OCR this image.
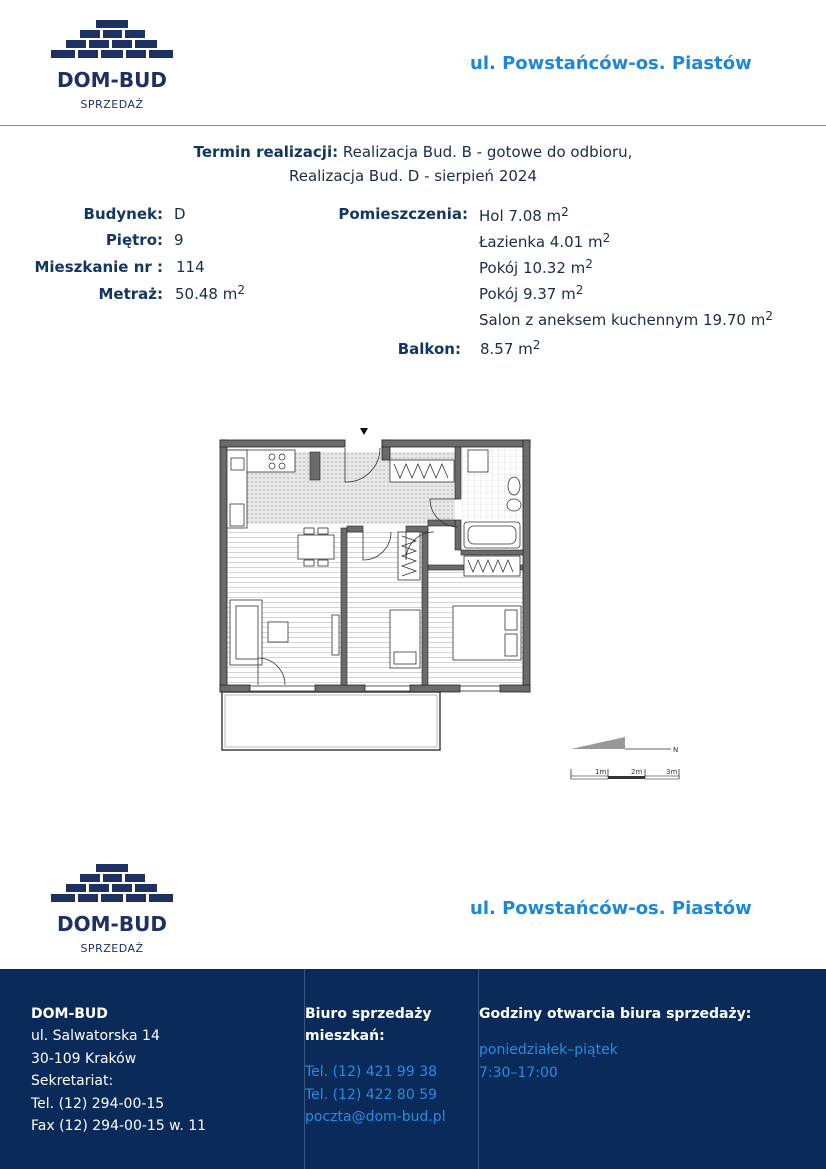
DOM-BUD
SPRZEDAŻ
ul. Powstańców-os. Piastów
Termin realizacji: Realizacja Bud. B - gotowe do odbioru,
Realizacja Bud. D - sierpień 2024
Budynek: D
Piętro: 9
Mieszkanie nr : 114
Metraż: 50.48 $m^2$
Pomieszczenia: Hol 7.08 $m^2$
Łazienka 4.01 $m^2$
Pokój 10.32 $m^2$
Pokój 9.37 $m^2$
Salon z aneksem kuchennym 19.70 $m^2$
Balkon: 8.57 $m^2$
N
1m	2m	3m
DOM-BUD
SPRZEDAŻ
ul. Powstańców-os. Piastów
DOM-BUD
ul. Salwatorska 14
30-109 Kraków
Sekretariat:
Tel. (12) 294-00-15
Fax (12) 294-00-15 w. 11
Biuro sprzedaży
mieszkań:
Tel. (12) 421 99 38
Tel. (12) 422 80 59
poczta@dom-bud.pl
Godziny otwarcia biura sprzedaży:
poniedziałek–piątek
7:30–17:00
